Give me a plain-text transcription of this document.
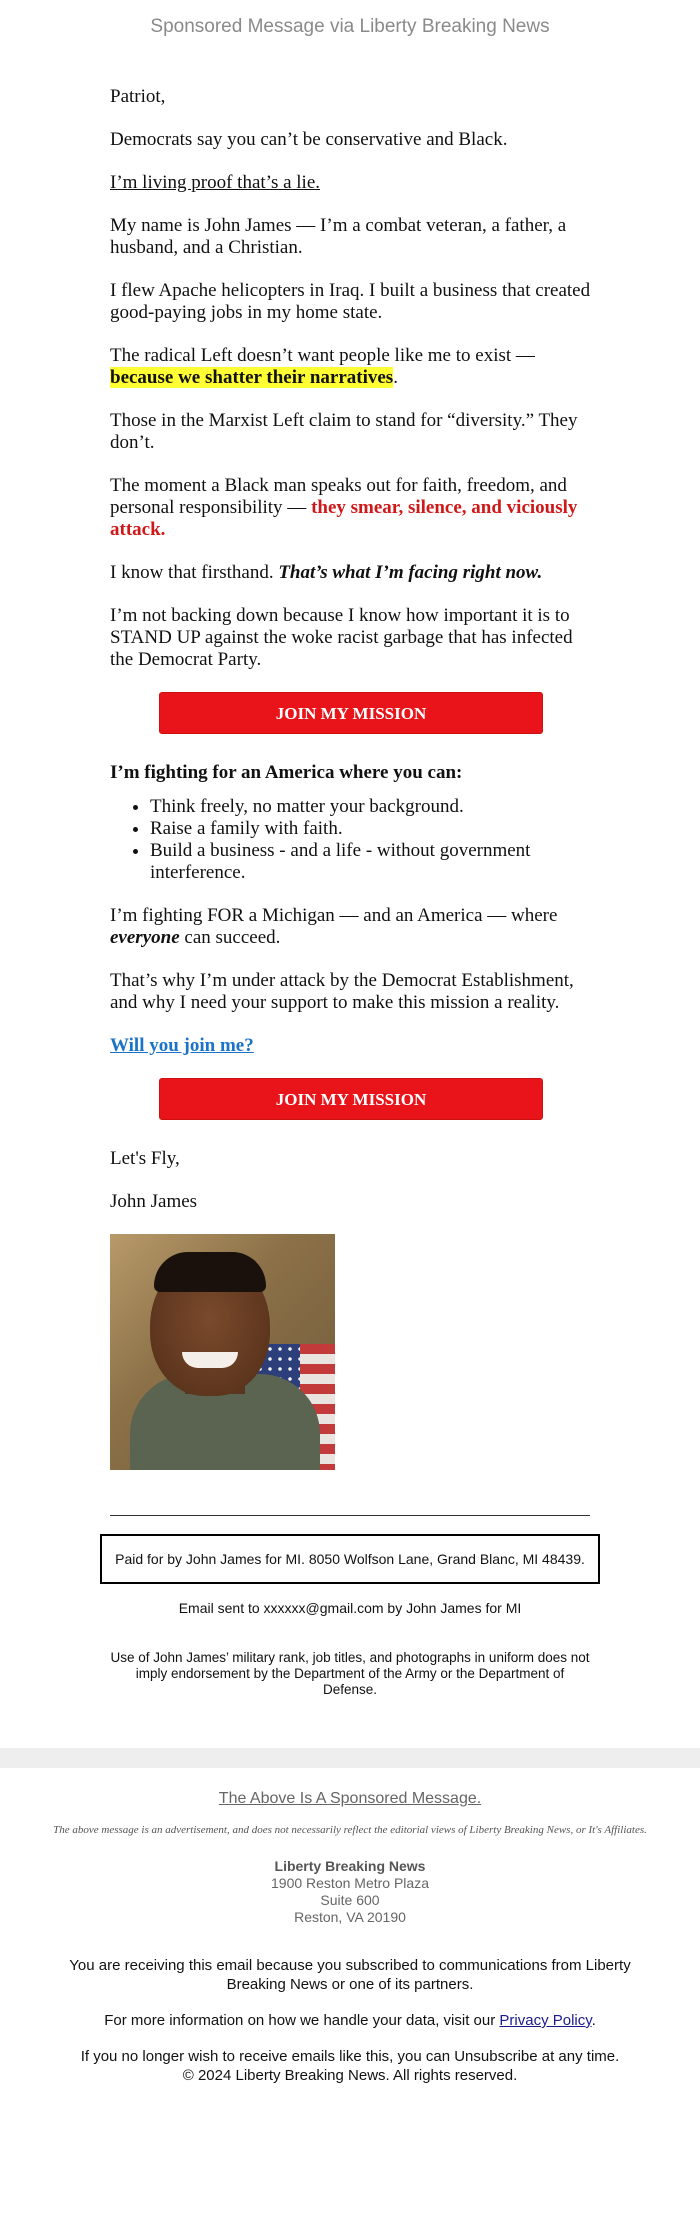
Sponsored Message via Liberty Breaking News

Patriot,

Democrats say you can’t be conservative and Black.

I’m living proof that’s a lie.

My name is John James — I’m a combat veteran, a father, a husband, and a Christian.

I flew Apache helicopters in Iraq. I built a business that created good-paying jobs in my home state.

The radical Left doesn’t want people like me to exist — because we shatter their narratives.

Those in the Marxist Left claim to stand for “diversity.” They don’t.

The moment a Black man speaks out for faith, freedom, and personal responsibility — they smear, silence, and viciously attack.

I know that firsthand. That’s what I’m facing right now.

I’m not backing down because I know how important it is to STAND UP against the woke racist garbage that has infected the Democrat Party.

JOIN MY MISSION
I’m fighting for an America where you can:
• Think freely, no matter your background.
• Raise a family with faith.
• Build a business - and a life - without government interference.

I’m fighting FOR a Michigan — and an America — where everyone can succeed.

That’s why I’m under attack by the Democrat Establishment, and why I need your support to make this mission a reality.

Will you join me?

JOIN MY MISSION

Let's Fly,

John James

Paid for by John James for MI. 8050 Wolfson Lane, Grand Blanc, MI 48439.
Email sent to xxxxxx@gmail.com by John James for MI
Use of John James’ military rank, job titles, and photographs in uniform does not imply endorsement by the Department of the Army or the Department of Defense.
The Above Is A Sponsored Message.
The above message is an advertisement, and does not necessarily reflect the editorial views of Liberty Breaking News, or It's Affiliates.
Liberty Breaking News
1900 Reston Metro Plaza
Suite 600
Reston, VA 20190
You are receiving this email because you subscribed to communications from Liberty Breaking News or one of its partners.
For more information on how we handle your data, visit our Privacy Policy.
If you no longer wish to receive emails like this, you can Unsubscribe at any time.
© 2024 Liberty Breaking News. All rights reserved.
